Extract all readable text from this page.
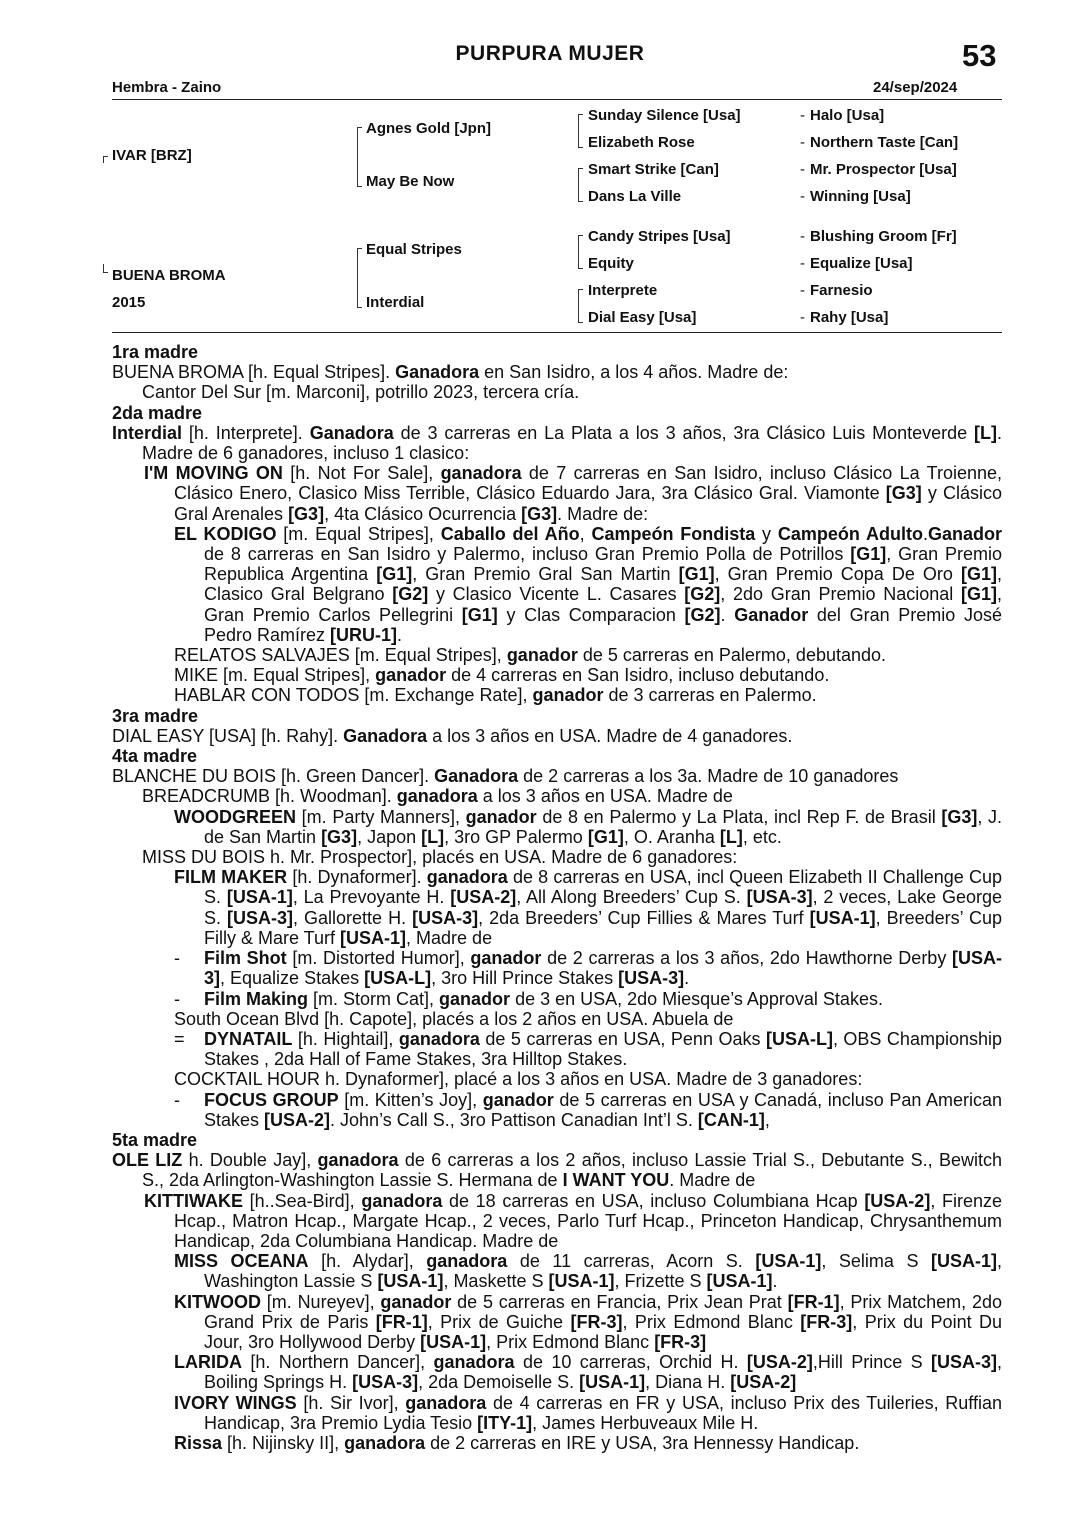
PURPURA MUJER	53
Hembra - Zaino	24/sep/2024
IVAR [BRZ]
BUENA BROMA
2015
Agnes Gold [Jpn]
May Be Now
Equal Stripes
Interdial
Sunday Silence [Usa]
Elizabeth Rose
Smart Strike [Can]
Dans La Ville
Candy Stripes [Usa]
Equity
Interprete
Dial Easy [Usa]
-
-
-
-
-
-
-
-
Halo [Usa]
Northern Taste [Can]
Mr. Prospector [Usa]
Winning [Usa]
Blushing Groom [Fr]
Equalize [Usa]
Farnesio
Rahy [Usa]

1ra madre

BUENA BROMA [h. Equal Stripes]. Ganadora en San Isidro, a los 4 años. Madre de:

Cantor Del Sur [m. Marconi], potrillo 2023, tercera cría.

2da madre

Interdial [h. Interprete]. Ganadora de 3 carreras en La Plata a los 3 años, 3ra Clásico Luis Monteverde [L]. Madre de 6 ganadores, incluso 1 clasico:

I'M MOVING ON [h. Not For Sale], ganadora de 7 carreras en San Isidro, incluso Clásico La Troienne, Clásico Enero, Clasico Miss Terrible, Clásico Eduardo Jara, 3ra Clásico Gral. Viamonte [G3] y Clásico Gral Arenales [G3], 4ta Clásico Ocurrencia [G3]. Madre de:

EL KODIGO [m. Equal Stripes], Caballo del Año, Campeón Fondista y Campeón Adulto.Ganador de 8 carreras en San Isidro y Palermo, incluso Gran Premio Polla de Potrillos [G1], Gran Premio Republica Argentina [G1], Gran Premio Gral San Martin [G1], Gran Premio Copa De Oro [G1], Clasico Gral Belgrano [G2] y Clasico Vicente L. Casares [G2], 2do Gran Premio Nacional [G1], Gran Premio Carlos Pellegrini [G1] y Clas Comparacion [G2]. Ganador del Gran Premio José Pedro Ramírez [URU-1].

RELATOS SALVAJES [m. Equal Stripes], ganador de 5 carreras en Palermo, debutando.

MIKE [m. Equal Stripes], ganador de 4 carreras en San Isidro, incluso debutando.

HABLAR CON TODOS [m. Exchange Rate], ganador de 3 carreras en Palermo.

3ra madre

DIAL EASY [USA] [h. Rahy]. Ganadora a los 3 años en USA. Madre de 4 ganadores.

4ta madre

BLANCHE DU BOIS [h. Green Dancer]. Ganadora de 2 carreras a los 3a. Madre de 10 ganadores

BREADCRUMB [h. Woodman]. ganadora a los 3 años en USA. Madre de

WOODGREEN [m. Party Manners], ganador de 8 en Palermo y La Plata, incl Rep F. de Brasil [G3], J. de San Martin [G3], Japon [L], 3ro GP Palermo [G1], O. Aranha [L], etc.

MISS DU BOIS h. Mr. Prospector], placés en USA. Madre de 6 ganadores:

FILM MAKER [h. Dynaformer]. ganadora de 8 carreras en USA, incl Queen Elizabeth II Challenge Cup S. [USA-1], La Prevoyante H. [USA-2], All Along Breeders’ Cup S. [USA-3], 2 veces, Lake George S. [USA-3], Gallorette H. [USA-3], 2da Breeders’ Cup Fillies & Mares Turf [USA-1], Breeders’ Cup Filly & Mare Turf [USA-1], Madre de

- Film Shot [m. Distorted Humor], ganador de 2 carreras a los 3 años, 2do Hawthorne Derby [USA-3], Equalize Stakes [USA-L], 3ro Hill Prince Stakes [USA-3].

- Film Making [m. Storm Cat], ganador de 3 en USA, 2do Miesque’s Approval Stakes.

South Ocean Blvd [h. Capote], placés a los 2 años en USA. Abuela de

= DYNATAIL [h. Hightail], ganadora de 5 carreras en USA, Penn Oaks [USA-L], OBS Championship Stakes , 2da Hall of Fame Stakes, 3ra Hilltop Stakes.

COCKTAIL HOUR h. Dynaformer], placé a los 3 años en USA. Madre de 3 ganadores:

- FOCUS GROUP [m. Kitten’s Joy], ganador de 5 carreras en USA y Canadá, incluso Pan American Stakes [USA-2]. John’s Call S., 3ro Pattison Canadian Int’l S. [CAN-1],

5ta madre

OLE LIZ h. Double Jay], ganadora de 6 carreras a los 2 años, incluso Lassie Trial S., Debutante S., Bewitch S., 2da Arlington-Washington Lassie S. Hermana de I WANT YOU. Madre de

KITTIWAKE [h..Sea-Bird], ganadora de 18 carreras en USA, incluso Columbiana Hcap [USA-2], Firenze Hcap., Matron Hcap., Margate Hcap., 2 veces, Parlo Turf Hcap., Princeton Handicap, Chrysanthemum Handicap, 2da Columbiana Handicap. Madre de

MISS OCEANA [h. Alydar], ganadora de 11 carreras, Acorn S. [USA-1], Selima S [USA-1], Washington Lassie S [USA-1], Maskette S [USA-1], Frizette S [USA-1].

KITWOOD [m. Nureyev], ganador de 5 carreras en Francia, Prix Jean Prat [FR-1], Prix Matchem, 2do Grand Prix de Paris [FR-1], Prix de Guiche [FR-3], Prix Edmond Blanc [FR-3], Prix du Point Du Jour, 3ro Hollywood Derby [USA-1], Prix Edmond Blanc [FR-3]

LARIDA [h. Northern Dancer], ganadora de 10 carreras, Orchid H. [USA-2],Hill Prince S [USA-3], Boiling Springs H. [USA-3], 2da Demoiselle S. [USA-1], Diana H. [USA-2]

IVORY WINGS [h. Sir Ivor], ganadora de 4 carreras en FR y USA, incluso Prix des Tuileries, Ruffian Handicap, 3ra Premio Lydia Tesio [ITY-1], James Herbuveaux Mile H.

Rissa [h. Nijinsky II], ganadora de 2 carreras en IRE y USA, 3ra Hennessy Handicap.
